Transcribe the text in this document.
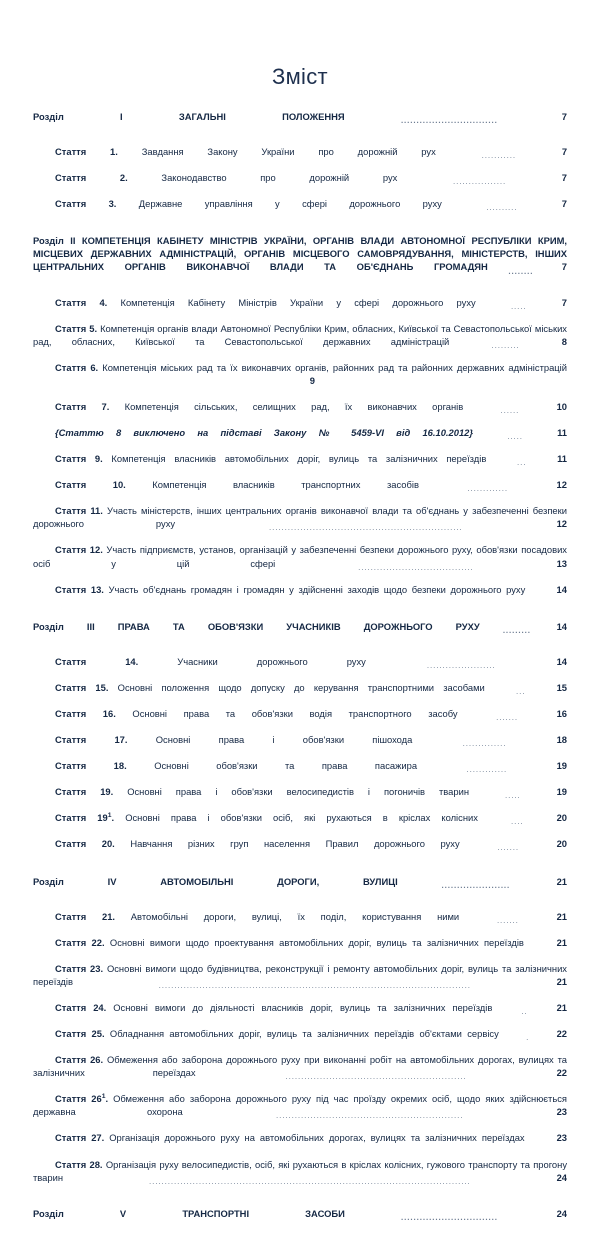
Зміст
Розділ I ЗАГАЛЬНІ ПОЛОЖЕННЯ	...............................	7
Стаття 1.	Завдання Закону України про дорожній рух	...........	7
Стаття 2.	Законодавство про дорожній рух	.................	7
Стаття 3. Державне управління у сфері дорожнього руху	..........	7
Розділ II КОМПЕТЕНЦІЯ КАБІНЕТУ МІНІСТРІВ УКРАЇНИ, ОРГАНІВ ВЛАДИ АВТОНОМНОЇ РЕСПУБЛІКИ КРИМ, МІСЦЕВИХ ДЕРЖАВНИХ АДМІНІСТРАЦІЙ, ОРГАНІВ МІСЦЕВОГО САМОВРЯДУВАННЯ, МІНІСТЕРСТВ, ІНШИХ ЦЕНТРАЛЬНИХ ОРГАНІВ ВИКОНАВЧОЇ ВЛАДИ ТА ОБ'ЄДНАНЬ ГРОМАДЯН	........	7
Стаття 4. Компетенція Кабінету Міністрів України у сфері дорожнього руху	.....	7
Стаття 5. Компетенція органів влади Автономної Республіки Крим, обласних, Київської та Севастопольської міських рад, обласних, Київської та Севастопольської державних адміністрацій	.........	8
Стаття 6. Компетенція міських рад та їх виконавчих органів, районних рад та районних державних адміністрацій  9
Стаття 7. Компетенція сільських, селищних рад, їх виконавчих органів	......	10
{Статтю 8 виключено на підставі Закону № 5459-VI від 16.10.2012}	.....	11
Стаття 9. Компетенція власників автомобільних доріг, вулиць та залізничних переїздів	...	11
Стаття 10.	Компетенція власників транспортних засобів	.............	12
Стаття 11. Участь міністерств, інших центральних органів виконавчої влади та об'єднань у забезпеченні безпеки дорожнього руху	..............................................................	12
Стаття 12. Участь підприємств, установ, організацій у забезпеченні безпеки дорожнього руху, обов'язки посадових осіб у цій сфері	.....................................	13
Стаття 13. Участь об'єднань громадян і громадян у здійсненні заходів щодо безпеки дорожнього руху	14
Розділ III ПРАВА ТА ОБОВ'ЯЗКИ УЧАСНИКІВ ДОРОЖНЬОГО РУХУ	.........	14
Стаття 14.	Учасники дорожнього руху	......................	14
Стаття 15. Основні положення щодо допуску до керування транспортними засобами	...	15
Стаття 16. Основні права та обов'язки водія транспортного засобу	.......	16
Стаття 17.	Основні права і обов'язки пішохода	..............	18
Стаття 18.	Основні обов'язки та права пасажира	.............	19
Стаття 19. Основні права і обов'язки велосипедистів і погоничів тварин	.....	19
Стаття $19^1$. Основні права і обов'язки осіб, які рухаються в кріслах колісних	....	20
Стаття 20. Навчання різних груп населення Правил дорожнього руху	.......	20
Розділ IV АВТОМОБІЛЬНІ ДОРОГИ, ВУЛИЦІ	......................	21
Стаття 21. Автомобільні дороги, вулиці, їх поділ, користування ними	.......	21
Стаття 22. Основні вимоги щодо проектування автомобільних доріг, вулиць та залізничних переїздів	21
Стаття 23. Основні вимоги щодо будівництва, реконструкції і ремонту автомобільних доріг, вулиць та залізничних переїздів	....................................................................................................	21
Стаття 24. Основні вимоги до діяльності власників доріг, вулиць та залізничних переїздів	..	21
Стаття 25. Обладнання автомобільних доріг, вулиць та залізничних переїздів об'єктами сервісу	.	22
Стаття 26. Обмеження або заборона дорожнього руху при виконанні робіт на автомобільних дорогах, вулицях та залізничних переїздах	..........................................................	22
Стаття $26^1$. Обмеження або заборона дорожнього руху під час проїзду окремих осіб, щодо яких здійснюється державна охорона	............................................................	23
Стаття 27. Організація дорожнього руху на автомобільних дорогах, вулицях та залізничних переїздах	23
Стаття 28. Організація руху велосипедистів, осіб, які рухаються в кріслах колісних, гужового транспорту та прогону тварин	.......................................................................................................	24
Розділ V ТРАНСПОРТНІ ЗАСОБИ	...............................	24
